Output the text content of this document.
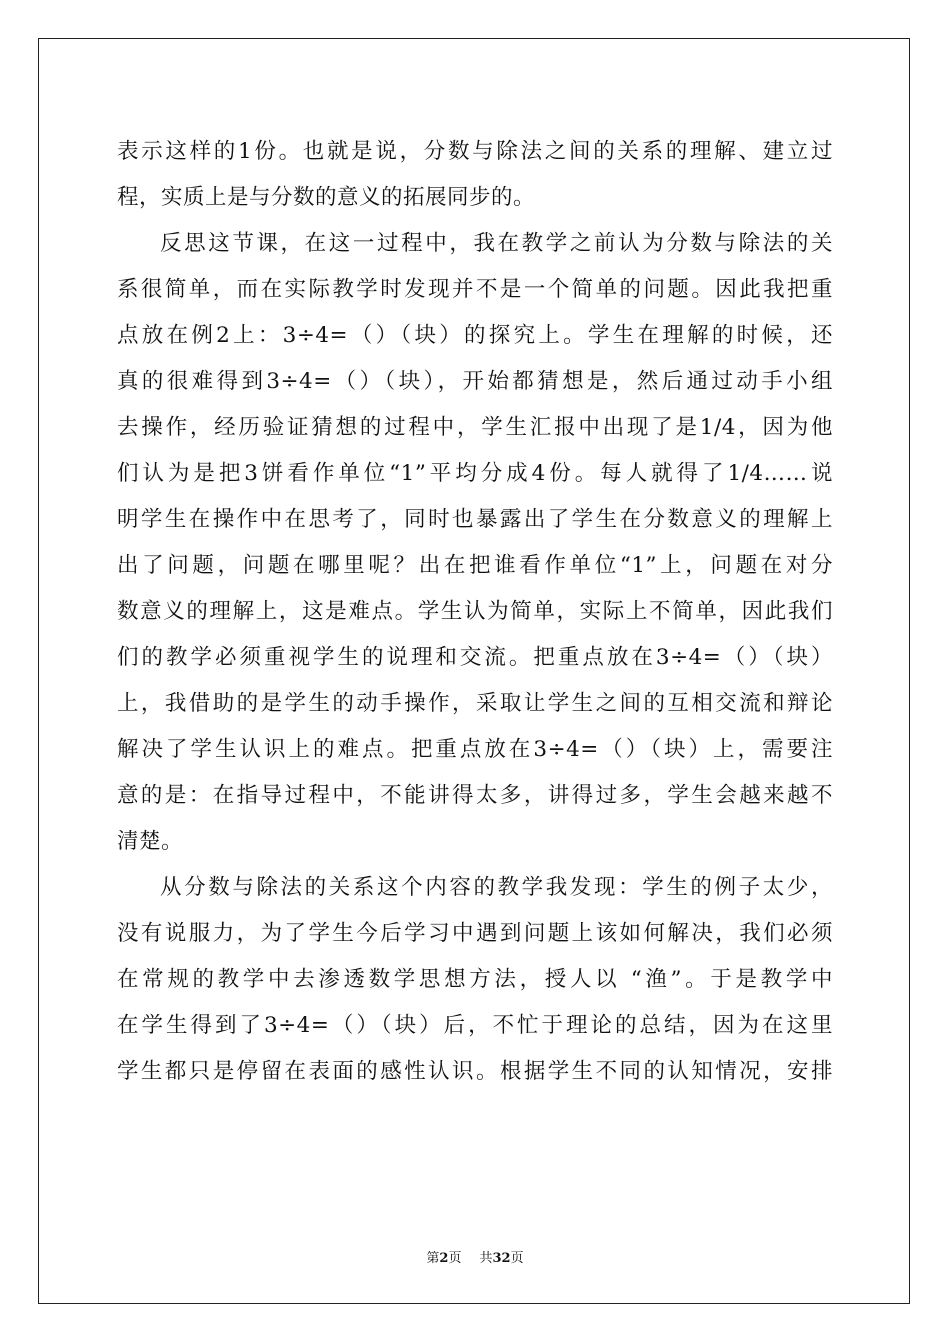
表示这样的1份。也就是说，分数与除法之间的关系的理解、建立过
程，实质上是与分数的意义的拓展同步的。
反思这节课，在这一过程中，我在教学之前认为分数与除法的关
系很简单，而在实际教学时发现并不是一个简单的问题。因此我把重
点放在例2上：3÷4=（）（块）的探究上。学生在理解的时候，还
真的很难得到3÷4=（）（块），开始都猜想是，然后通过动手小组
去操作，经历验证猜想的过程中，学生汇报中出现了是1/4，因为他
们认为是把3饼看作单位“1”平均分成4份。每人就得了1/4……说
明学生在操作中在思考了，同时也暴露出了学生在分数意义的理解上
出了问题，问题在哪里呢？出在把谁看作单位“1”上，问题在对分
数意义的理解上，这是难点。学生认为简单，实际上不简单，因此我们
们的教学必须重视学生的说理和交流。把重点放在3÷4=（）（块）
上，我借助的是学生的动手操作，采取让学生之间的互相交流和辩论
解决了学生认识上的难点。把重点放在3÷4=（）（块）上，需要注
意的是：在指导过程中，不能讲得太多，讲得过多，学生会越来越不
清楚。
从分数与除法的关系这个内容的教学我发现：学生的例子太少，
没有说服力，为了学生今后学习中遇到问题上该如何解决，我们必须
在常规的教学中去渗透数学思想方法，授人以 “渔”。于是教学中
在学生得到了3÷4=（）（块）后，不忙于理论的总结，因为在这里
学生都只是停留在表面的感性认识。根据学生不同的认知情况，安排
第2页 共32页
